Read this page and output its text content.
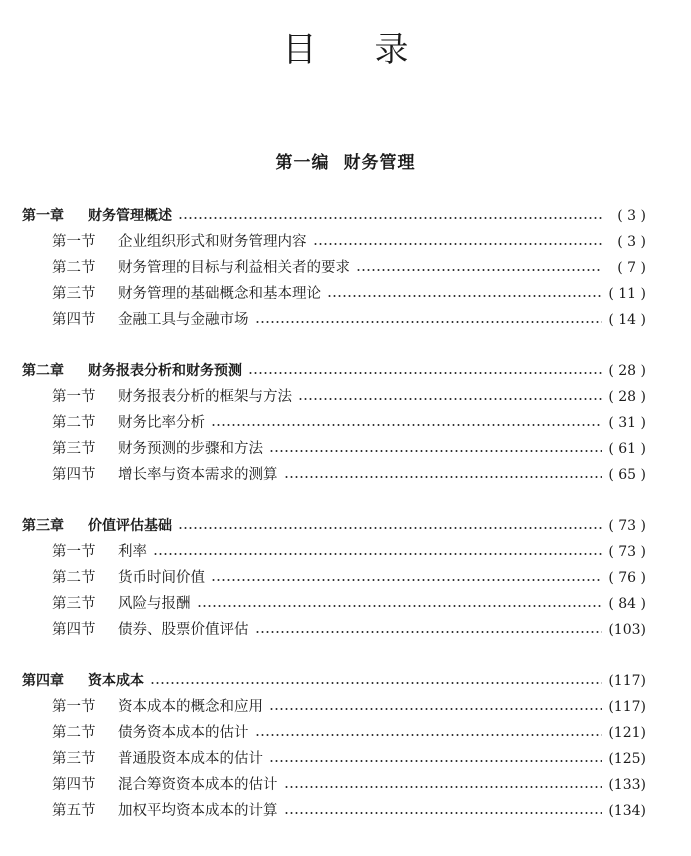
目 录
第一编 财务管理
第一章	财务管理概述	( 3 )
第一节	企业组织形式和财务管理内容	( 3 )
第二节	财务管理的目标与利益相关者的要求	( 7 )
第三节	财务管理的基础概念和基本理论	( 11 )
第四节	金融工具与金融市场	( 14 )
第二章	财务报表分析和财务预测	( 28 )
第一节	财务报表分析的框架与方法	( 28 )
第二节	财务比率分析	( 31 )
第三节	财务预测的步骤和方法	( 61 )
第四节	增长率与资本需求的测算	( 65 )
第三章	价值评估基础	( 73 )
第一节	利率	( 73 )
第二节	货币时间价值	( 76 )
第三节	风险与报酬	( 84 )
第四节	债券、股票价值评估	(103)
第四章	资本成本	(117)
第一节	资本成本的概念和应用	(117)
第二节	债务资本成本的估计	(121)
第三节	普通股资本成本的估计	(125)
第四节	混合筹资资本成本的估计	(133)
第五节	加权平均资本成本的计算	(134)
